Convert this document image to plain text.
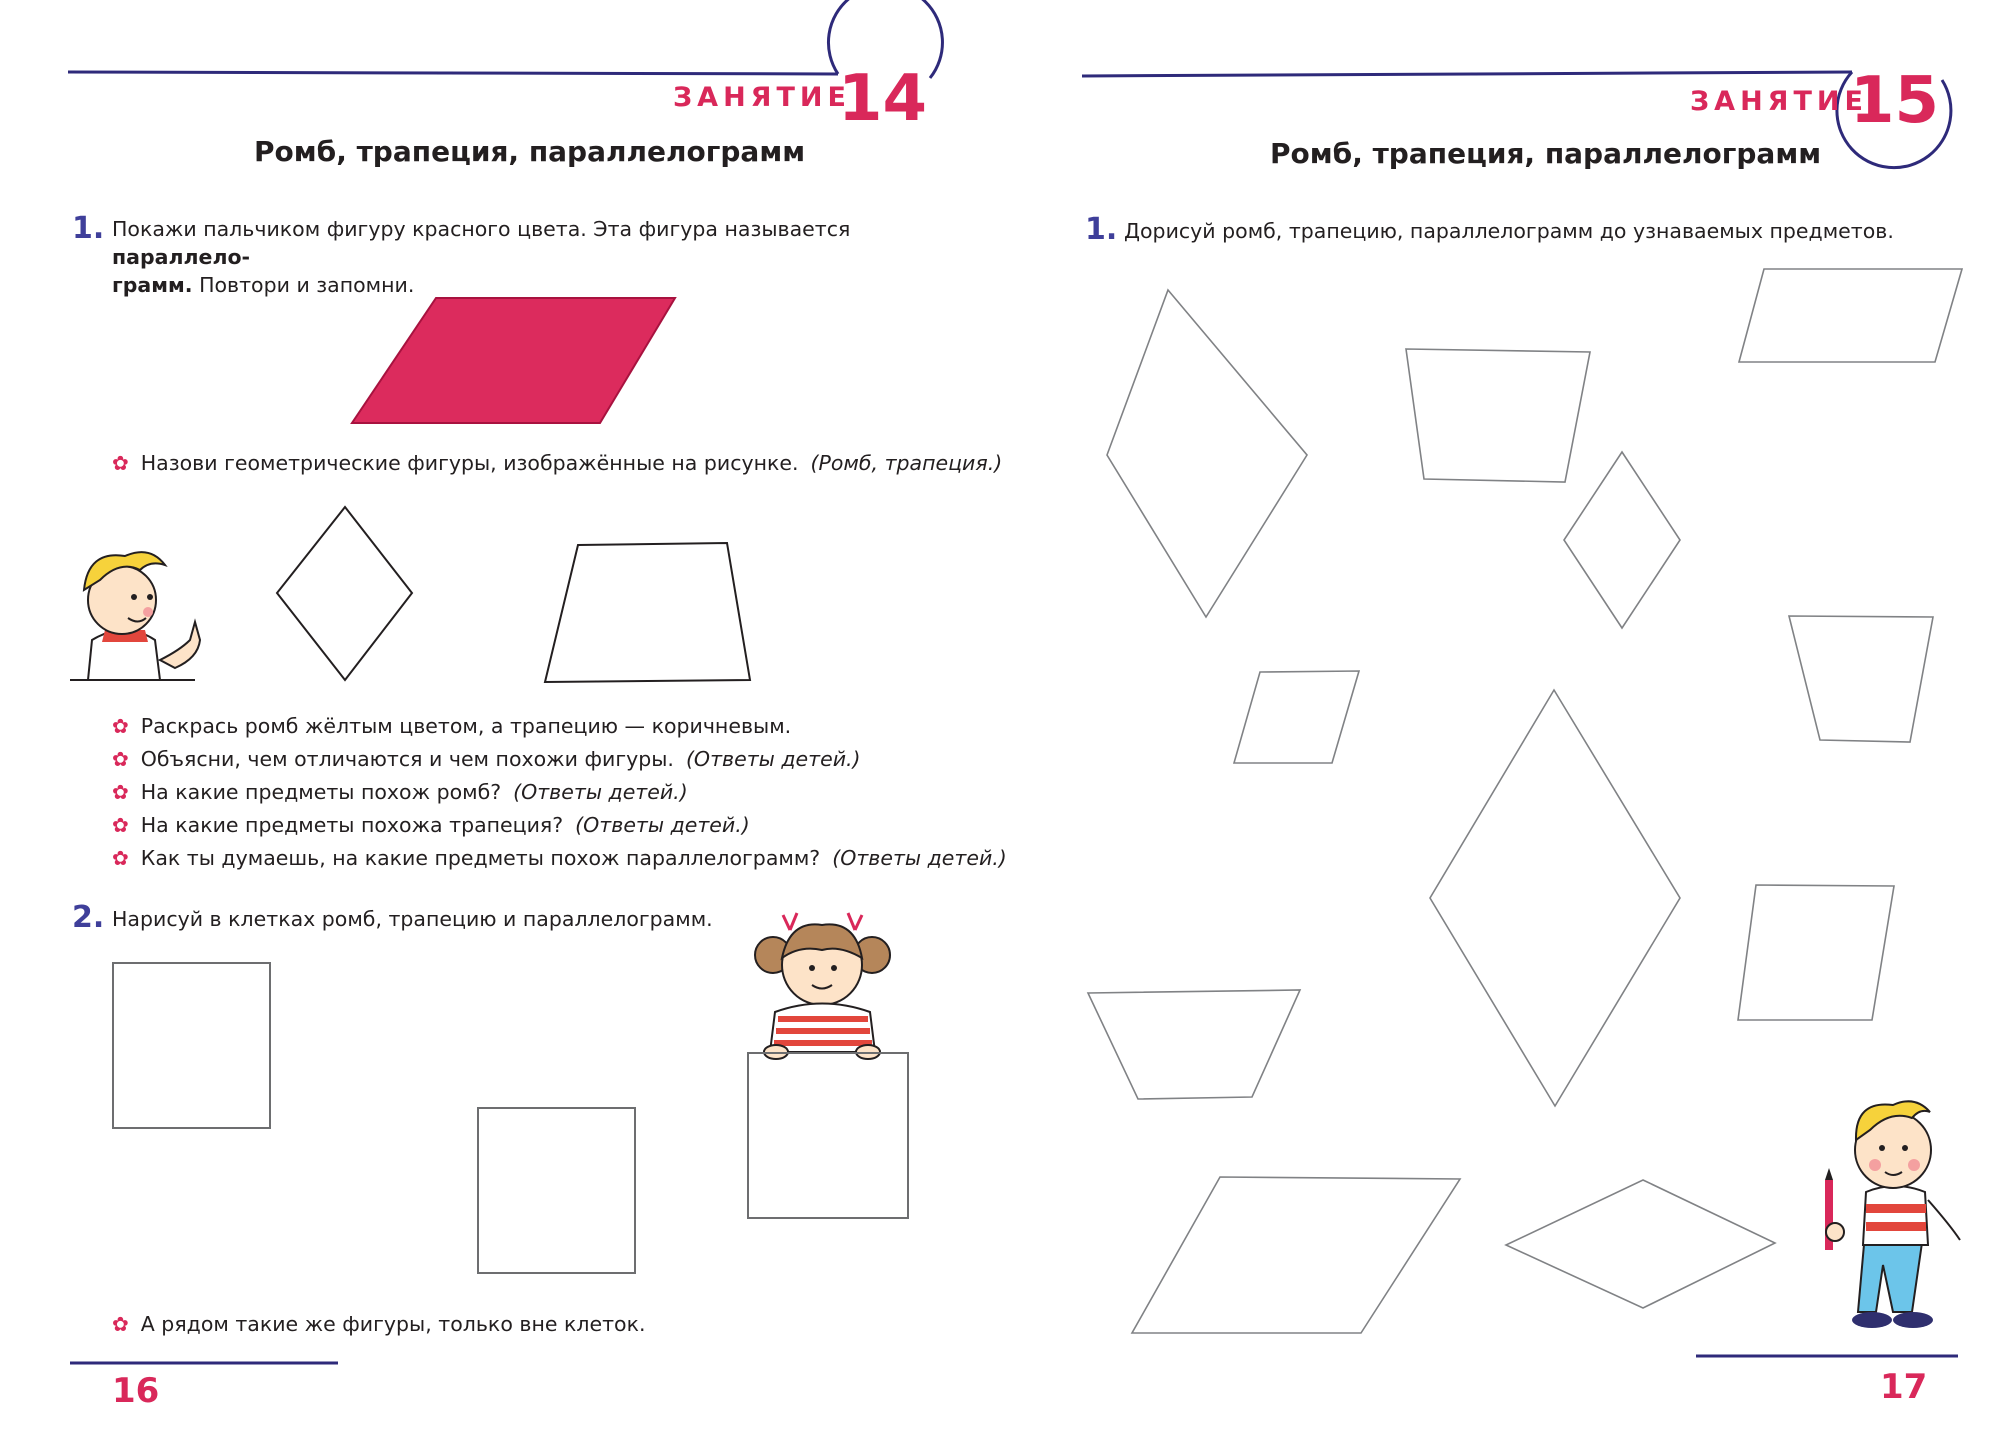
ЗАНЯТИЕ
14
Ромб, трапеция, параллелограмм
1. Покажи пальчиком фигуру красного цвета. Эта фигура называется параллело-
грамм. Повтори и запомни.
✿ Назови геометрические фигуры, изображённые на рисунке. (Ромб, трапеция.)
✿ Раскрась ромб жёлтым цветом, а трапецию — коричневым.
✿ Объясни, чем отличаются и чем похожи фигуры. (Ответы детей.)
✿ На какие предметы похож ромб? (Ответы детей.)
✿ На какие предметы похожа трапеция? (Ответы детей.)
✿ Как ты думаешь, на какие предметы похож параллелограмм? (Ответы детей.)
2. Нарисуй в клетках ромб, трапецию и параллелограмм.
✿ А рядом такие же фигуры, только вне клеток.
16
ЗАНЯТИЕ
15
Ромб, трапеция, параллелограмм
1. Дорисуй ромб, трапецию, параллелограмм до узнаваемых предметов.
17
